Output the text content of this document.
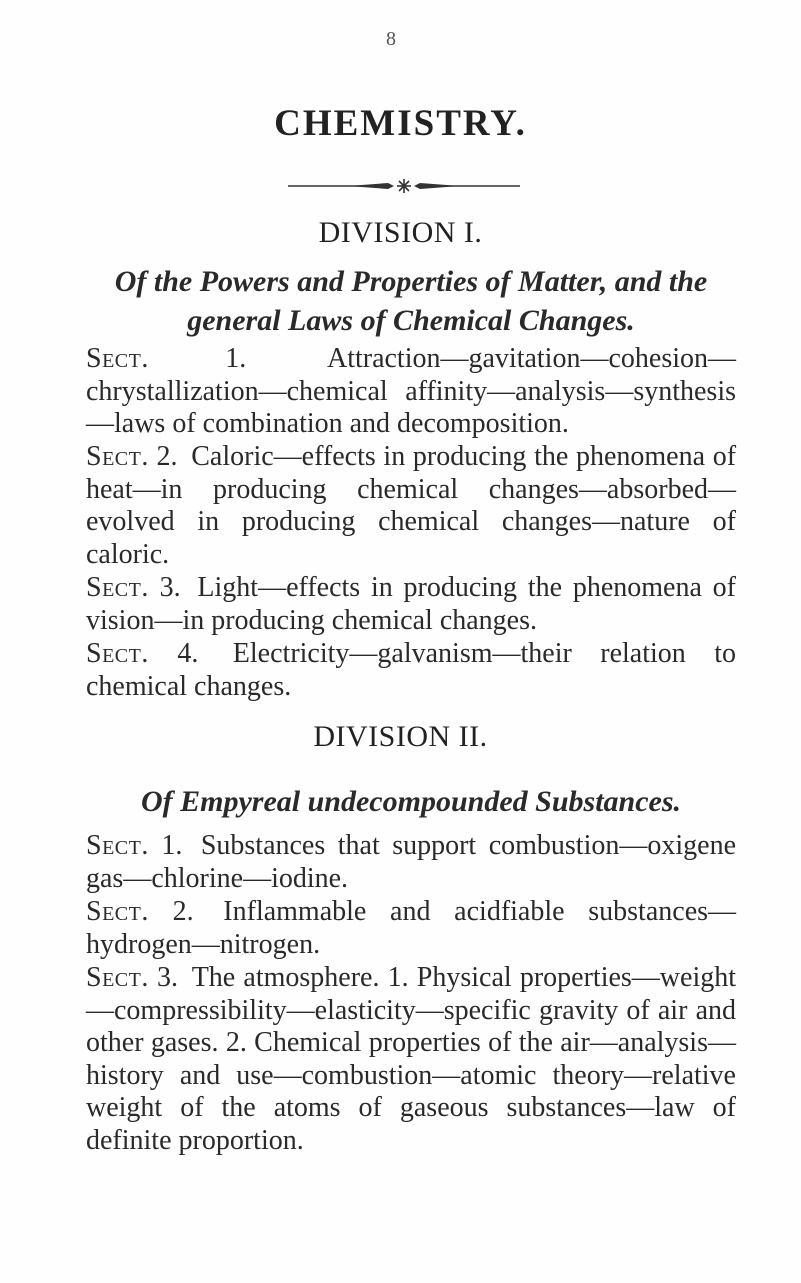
8
CHEMISTRY.
DIVISION I.
Of the Powers and Properties of Matter, and the general Laws of Chemical Changes.
Sect.	1.	Attraction—gavitation—cohesion—chrystallization—chemical affinity—analysis—synthesis—laws of combination and decomposition.
Sect. 2. Caloric—effects in producing the phenomena of heat—in producing chemical changes—absorbed—evolved in producing chemical changes—nature of caloric.
Sect. 3. Light—effects in producing the phenomena of vision—in producing chemical changes.
Sect. 4. Electricity—galvanism—their relation to chemical changes.
DIVISION II.
Of Empyreal undecompounded Substances.
Sect. 1. Substances that support combustion—oxigene gas—chlorine—iodine.
Sect. 2. Inflammable and acidfiable substances—hydrogen—nitrogen.
Sect. 3. The atmosphere. 1. Physical properties—weight—compressibility—elasticity—specific gravity of air and other gases. 2. Chemical properties of the air—analysis—history and use—combustion—atomic theory—relative weight of the atoms of gaseous substances—law of definite proportion.
